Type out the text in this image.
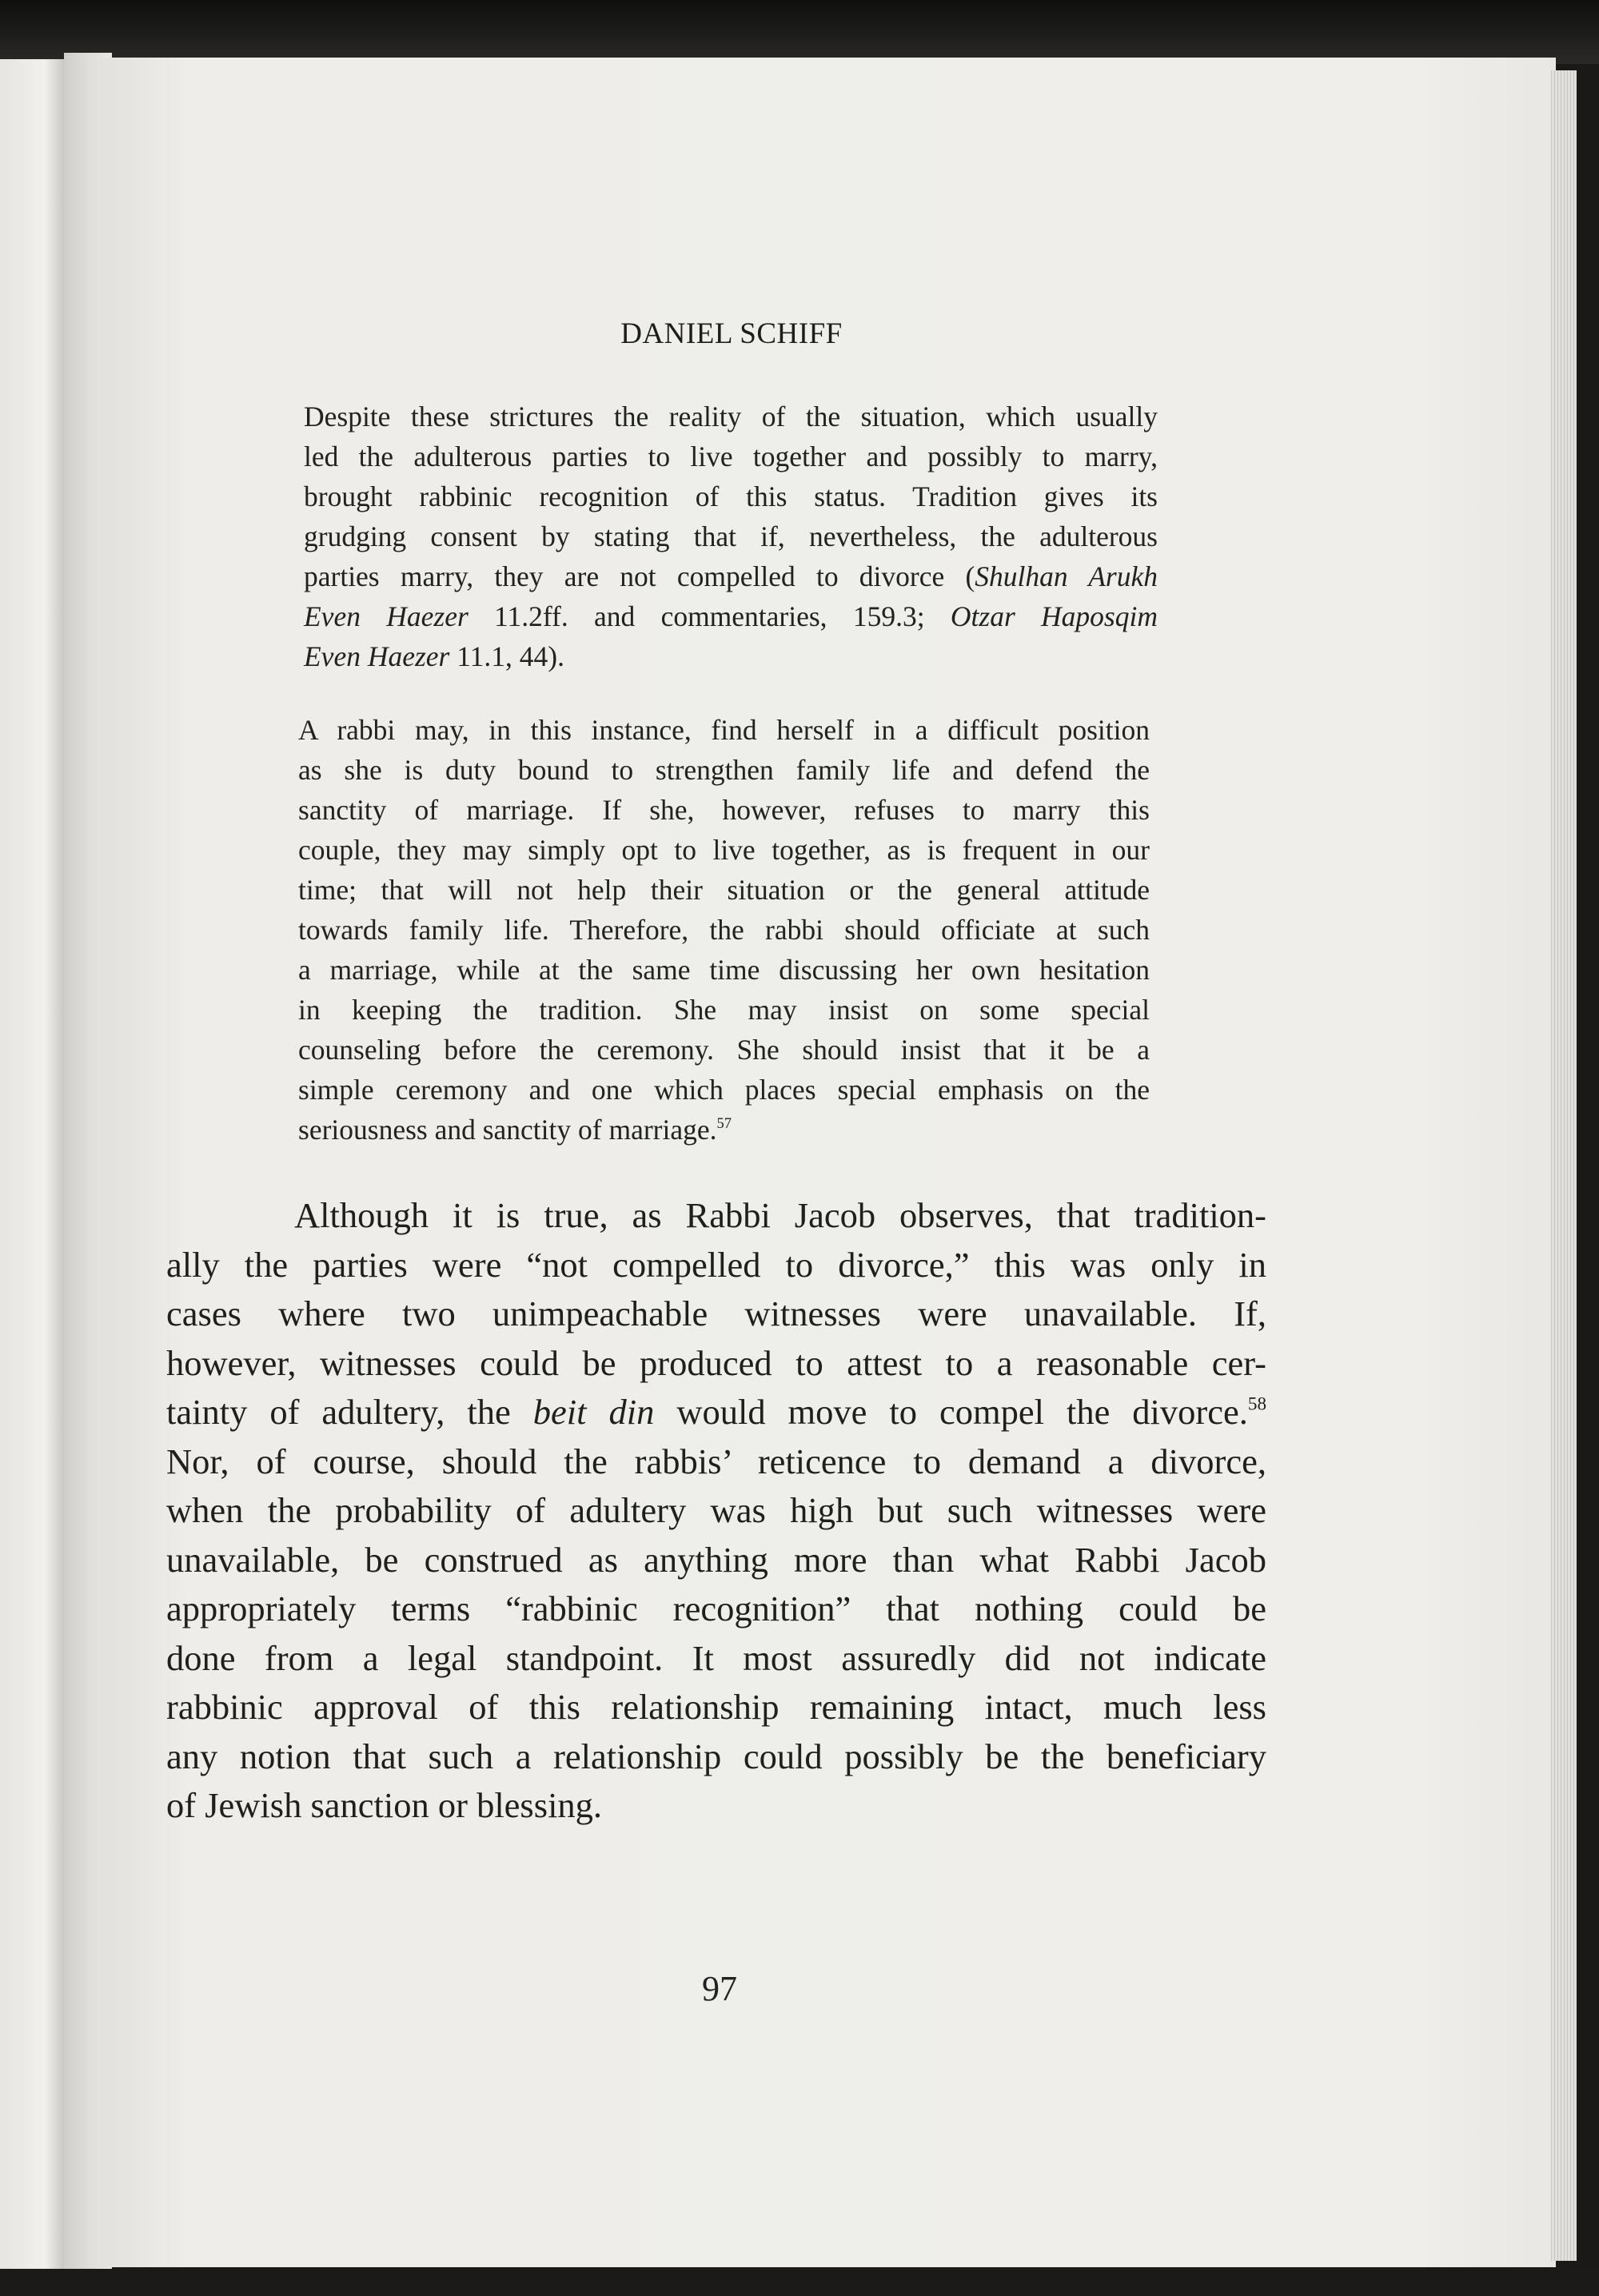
DANIEL SCHIFF
Despite these strictures the reality of the situation, which usually
led the adulterous parties to live together and possibly to marry,
brought rabbinic recognition of this status. Tradition gives its
grudging consent by stating that if, nevertheless, the adulterous
parties marry, they are not compelled to divorce (Shulhan Arukh
Even Haezer 11.2ff. and commentaries, 159.3; Otzar Haposqim
Even Haezer 11.1, 44).
A rabbi may, in this instance, find herself in a difficult position
as she is duty bound to strengthen family life and defend the
sanctity of marriage. If she, however, refuses to marry this
couple, they may simply opt to live together, as is frequent in our
time; that will not help their situation or the general attitude
towards family life. Therefore, the rabbi should officiate at such
a marriage, while at the same time discussing her own hesitation
in keeping the tradition. She may insist on some special
counseling before the ceremony. She should insist that it be a
simple ceremony and one which places special emphasis on the
seriousness and sanctity of marriage.$^{57}$
Although it is true, as Rabbi Jacob observes, that tradition-
ally the parties were “not compelled to divorce,” this was only in
cases where two unimpeachable witnesses were unavailable. If,
however, witnesses could be produced to attest to a reasonable cer-
tainty of adultery, the beit din would move to compel the divorce.$^{58}$
Nor, of course, should the rabbis’ reticence to demand a divorce,
when the probability of adultery was high but such witnesses were
unavailable, be construed as anything more than what Rabbi Jacob
appropriately terms “rabbinic recognition” that nothing could be
done from a legal standpoint. It most assuredly did not indicate
rabbinic approval of this relationship remaining intact, much less
any notion that such a relationship could possibly be the beneficiary
of Jewish sanction or blessing.
97
